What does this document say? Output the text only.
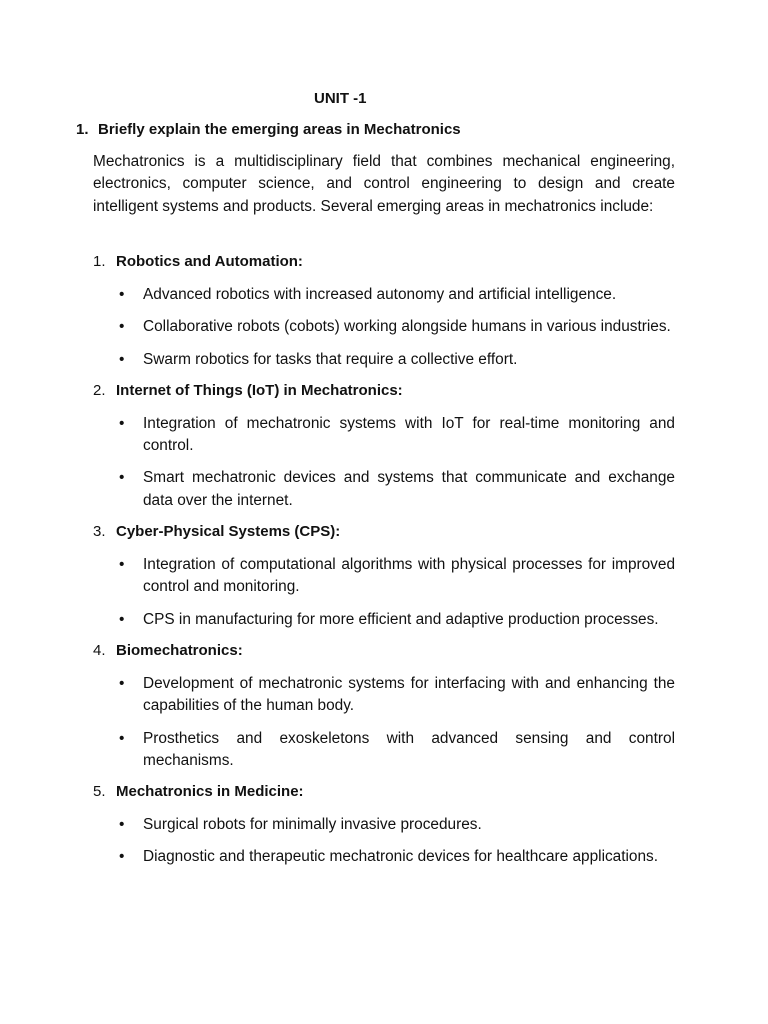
UNIT -1
1. Briefly explain the emerging areas in Mechatronics
Mechatronics is a multidisciplinary field that combines mechanical engineering, electronics, computer science, and control engineering to design and create intelligent systems and products. Several emerging areas in mechatronics include:
1. Robotics and Automation:
• Advanced robotics with increased autonomy and artificial intelligence.
• Collaborative robots (cobots) working alongside humans in various industries.
• Swarm robotics for tasks that require a collective effort.
2. Internet of Things (IoT) in Mechatronics:
• Integration of mechatronic systems with IoT for real-time monitoring and control.
• Smart mechatronic devices and systems that communicate and exchange data over the internet.
3. Cyber-Physical Systems (CPS):
• Integration of computational algorithms with physical processes for improved control and monitoring.
• CPS in manufacturing for more efficient and adaptive production processes.
4. Biomechatronics:
• Development of mechatronic systems for interfacing with and enhancing the capabilities of the human body.
• Prosthetics and exoskeletons with advanced sensing and control mechanisms.
5. Mechatronics in Medicine:
• Surgical robots for minimally invasive procedures.
• Diagnostic and therapeutic mechatronic devices for healthcare applications.
